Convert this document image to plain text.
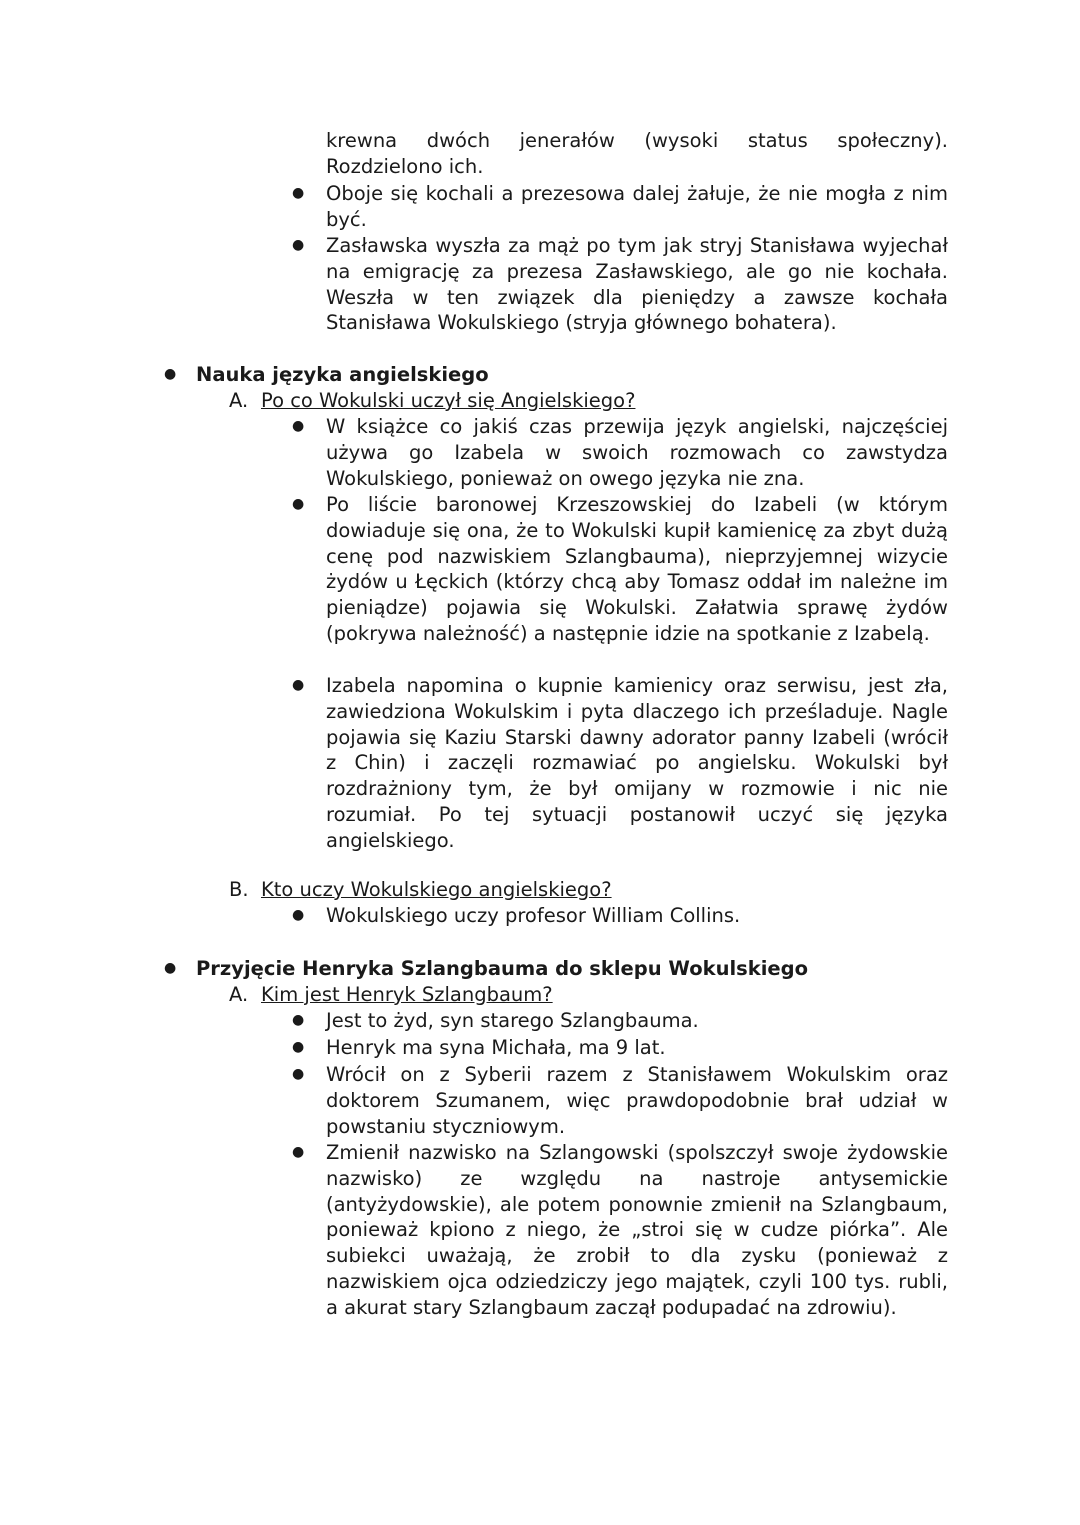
krewna dwóch jenerałów (wysoki status społeczny). Rozdzielono ich.
● Oboje się kochali a prezesowa dalej żałuje, że nie mogła z nim być.
● Zasławska wyszła za mąż po tym jak stryj Stanisława wyjechał na emigrację za prezesa Zasławskiego, ale go nie kochała. Weszła w ten związek dla pieniędzy a zawsze kochała Stanisława Wokulskiego (stryja głównego bohatera).
● Nauka języka angielskiego
A. Po co Wokulski uczył się Angielskiego?
● W książce co jakiś czas przewija język angielski, najczęściej używa go Izabela w swoich rozmowach co zawstydza Wokulskiego, ponieważ on owego języka nie zna.
● Po liście baronowej Krzeszowskiej do Izabeli (w którym dowiaduje się ona, że to Wokulski kupił kamienicę za zbyt dużą cenę pod nazwiskiem Szlangbauma), nieprzyjemnej wizycie żydów u Łęckich (którzy chcą aby Tomasz oddał im należne im pieniądze) pojawia się Wokulski. Załatwia sprawę żydów (pokrywa należność) a następnie idzie na spotkanie z Izabelą.
● Izabela napomina o kupnie kamienicy oraz serwisu, jest zła, zawiedziona Wokulskim i pyta dlaczego ich prześladuje. Nagle pojawia się Kaziu Starski dawny adorator panny Izabeli (wrócił z Chin) i zaczęli rozmawiać po angielsku. Wokulski był rozdrażniony tym, że był omijany w rozmowie i nic nie rozumiał. Po tej sytuacji postanowił uczyć się języka angielskiego.
B. Kto uczy Wokulskiego angielskiego?
● Wokulskiego uczy profesor William Collins.
● Przyjęcie Henryka Szlangbauma do sklepu Wokulskiego
A. Kim jest Henryk Szlangbaum?
● Jest to żyd, syn starego Szlangbauma.
● Henryk ma syna Michała, ma 9 lat.
● Wrócił on z Syberii razem z Stanisławem Wokulskim oraz doktorem Szumanem, więc prawdopodobnie brał udział w powstaniu styczniowym.
● Zmienił nazwisko na Szlangowski (spolszczył swoje żydowskie nazwisko) ze względu na nastroje antysemickie (antyżydowskie), ale potem ponownie zmienił na Szlangbaum, ponieważ kpiono z niego, że „stroi się w cudze piórka”. Ale subiekci uważają, że zrobił to dla zysku (ponieważ z nazwiskiem ojca odziedziczy jego majątek, czyli 100 tys. rubli, a akurat stary Szlangbaum zaczął podupadać na zdrowiu).
